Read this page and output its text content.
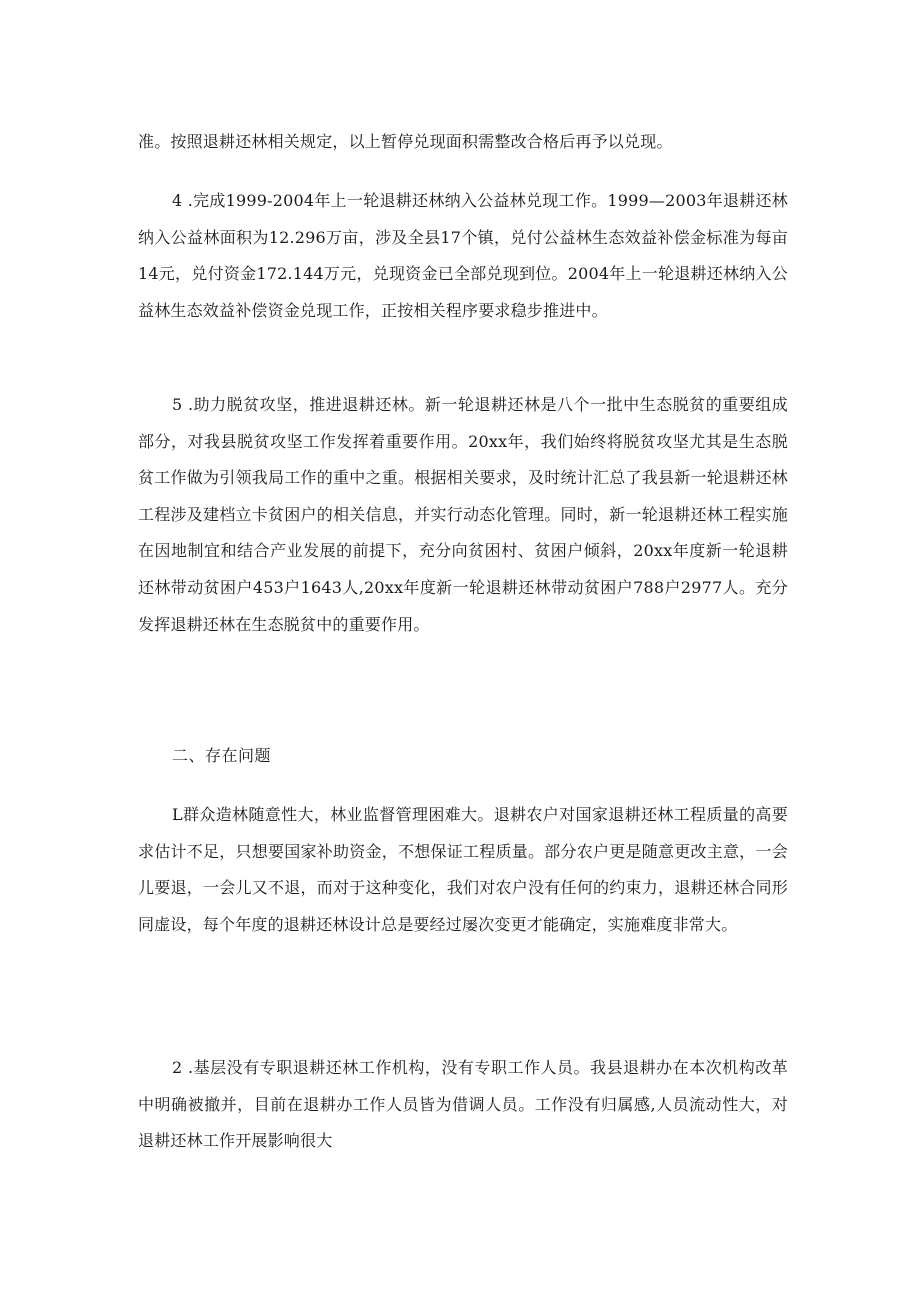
准。按照退耕还林相关规定，以上暂停兑现面积需整改合格后再予以兑现。

4 .完成1999-2004年上一轮退耕还林纳入公益林兑现工作。1999—2003年退耕还林纳入公益林面积为12.296万亩，涉及全县17个镇，兑付公益林生态效益补偿金标准为每亩14元，兑付资金172.144万元，兑现资金已全部兑现到位。2004年上一轮退耕还林纳入公益林生态效益补偿资金兑现工作，正按相关程序要求稳步推进中。

5 .助力脱贫攻坚，推进退耕还林。新一轮退耕还林是八个一批中生态脱贫的重要组成部分，对我县脱贫攻坚工作发挥着重要作用。20xx年，我们始终将脱贫攻坚尤其是生态脱贫工作做为引领我局工作的重中之重。根据相关要求，及时统计汇总了我县新一轮退耕还林工程涉及建档立卡贫困户的相关信息，并实行动态化管理。同时，新一轮退耕还林工程实施在因地制宜和结合产业发展的前提下，充分向贫困村、贫困户倾斜，20xx年度新一轮退耕还林带动贫困户453户1643人,20xx年度新一轮退耕还林带动贫困户788户2977人。充分发挥退耕还林在生态脱贫中的重要作用。

二、存在问题

L群众造林随意性大，林业监督管理困难大。退耕农户对国家退耕还林工程质量的高要求估计不足，只想要国家补助资金，不想保证工程质量。部分农户更是随意更改主意，一会儿要退，一会儿又不退，而对于这种变化，我们对农户没有任何的约束力，退耕还林合同形同虚设，每个年度的退耕还林设计总是要经过屡次变更才能确定，实施难度非常大。

2 .基层没有专职退耕还林工作机构，没有专职工作人员。我县退耕办在本次机构改革中明确被撤并，目前在退耕办工作人员皆为借调人员。工作没有归属感,人员流动性大，对退耕还林工作开展影响很大
